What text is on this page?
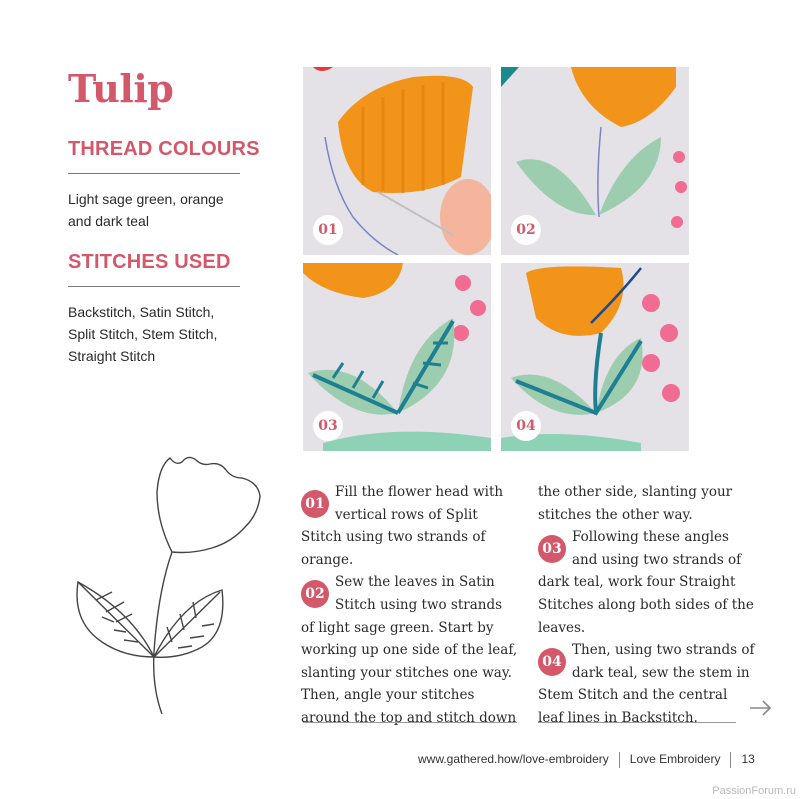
Tulip
THREAD COLOURS
Light sage green, orange and dark teal
STITCHES USED
Backstitch, Satin Stitch, Split Stitch, Stem Stitch, Straight Stitch
01	02
03	04

01
Fill the flower head with vertical rows of Split Stitch using two strands of orange.

02
Sew the leaves in Satin Stitch using two strands of light sage green. Start by working up one side of the leaf, slanting your stitches one way. Then, angle your stitches around the top and stitch down

the other side, slanting your stitches the other way.

03
Following these angles and using two strands of dark teal, work four Straight Stitches along both sides of the leaves.

04
Then, using two strands of dark teal, sew the stem in Stem Stitch and the central leaf lines in Backstitch.

www.gathered.how/love-embroidery Love Embroidery 13
PassionForum.ru
